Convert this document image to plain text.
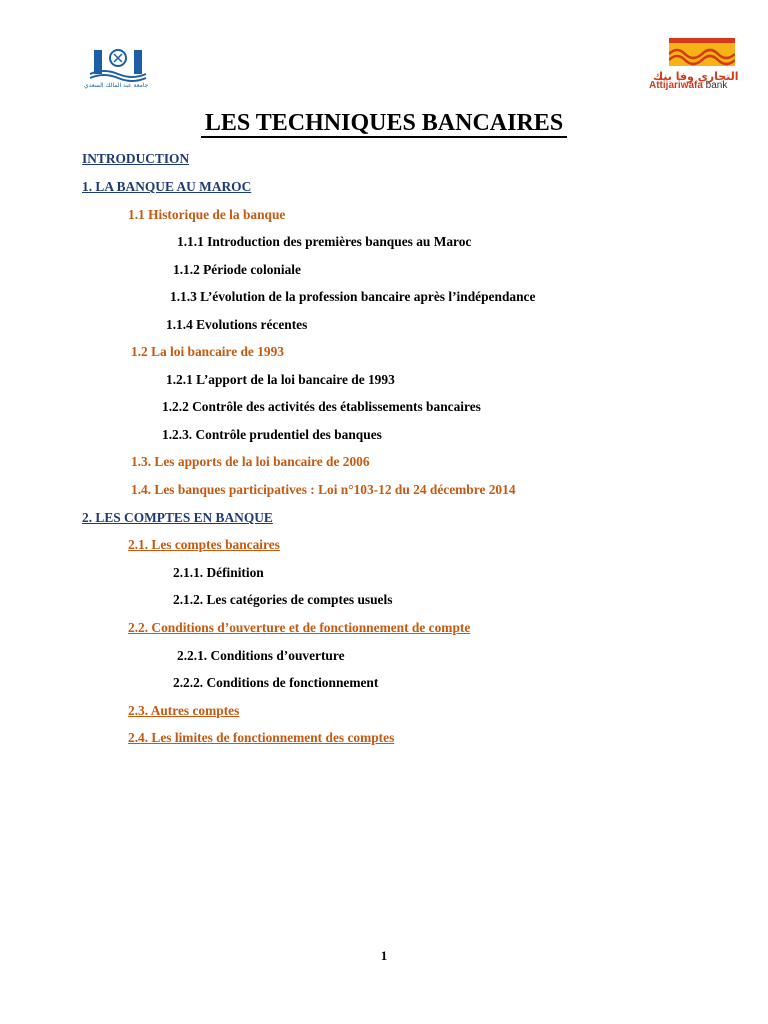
جامعة عبد المالك السعدي
التجاري وفا بنك
Attijariwafa bank
LES TECHNIQUES BANCAIRES
INTRODUCTION
1. LA BANQUE AU MAROC
1.1 Historique de la banque
1.1.1 Introduction des premières banques au Maroc
1.1.2 Période coloniale
1.1.3 L’évolution de la profession bancaire après l’indépendance
1.1.4 Evolutions récentes
1.2 La loi bancaire de 1993
1.2.1 L’apport de la loi bancaire de 1993
1.2.2 Contrôle des activités des établissements bancaires
1.2.3. Contrôle prudentiel des banques
1.3. Les apports de la loi bancaire de 2006
1.4. Les banques participatives : Loi n°103-12 du 24 décembre 2014
2. LES COMPTES EN BANQUE
2.1. Les comptes bancaires
2.1.1. Définition
2.1.2. Les catégories de comptes usuels
2.2. Conditions d’ouverture et de fonctionnement de compte
2.2.1. Conditions d’ouverture
2.2.2. Conditions de fonctionnement
2.3. Autres comptes
2.4. Les limites de fonctionnement des comptes
1
